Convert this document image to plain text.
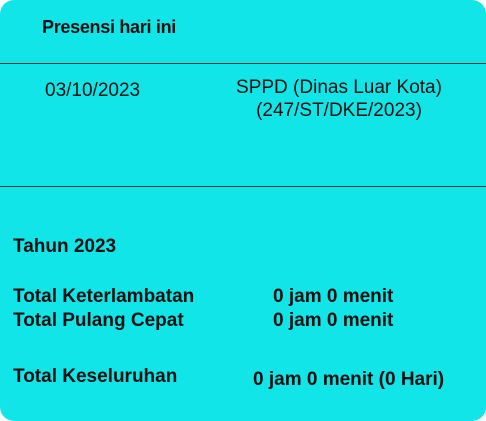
Presensi hari ini
03/10/2023	SPPD (Dinas Luar Kota)
(247/ST/DKE/2023)
Tahun 2023
Total Keterlambatan	0 jam 0 menit
Total Pulang Cepat	0 jam 0 menit
Total Keseluruhan	0 jam 0 menit (0 Hari)
